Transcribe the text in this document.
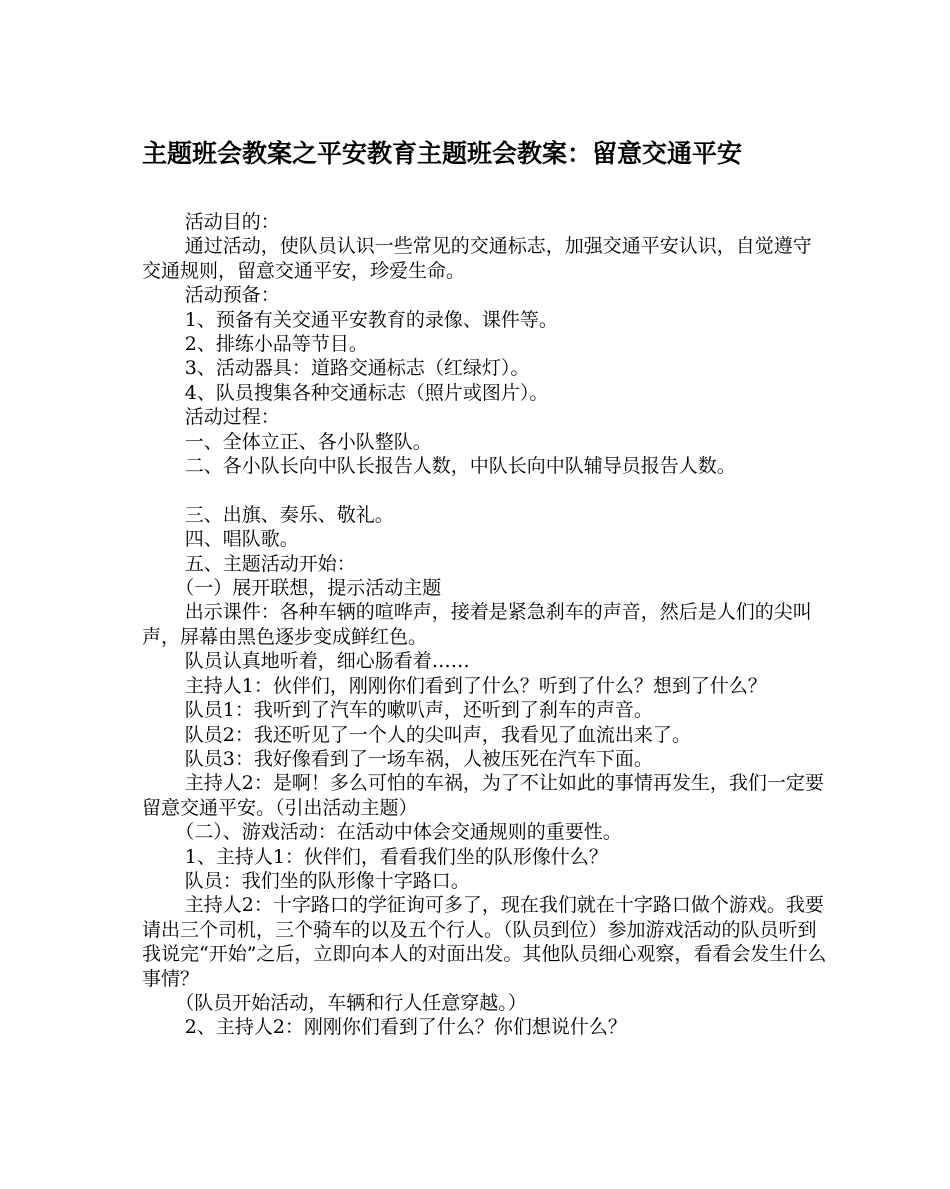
主题班会教案之平安教育主题班会教案：留意交通平安

活动目的：

通过活动，使队员认识一些常见的交通标志，加强交通平安认识，自觉遵守交通规则，留意交通平安，珍爱生命。

活动预备：

1、预备有关交通平安教育的录像、课件等。

2、排练小品等节目。

3、活动器具：道路交通标志（红绿灯）。

4、队员搜集各种交通标志（照片或图片）。

活动过程：

一、全体立正、各小队整队。

二、各小队长向中队长报告人数，中队长向中队辅导员报告人数。

三、出旗、奏乐、敬礼。

四、唱队歌。

五、主题活动开始：

（一）展开联想，提示活动主题

出示课件：各种车辆的喧哗声，接着是紧急刹车的声音，然后是人们的尖叫声，屏幕由黑色逐步变成鲜红色。

队员认真地听着，细心肠看着……

主持人1：伙伴们，刚刚你们看到了什么？听到了什么？想到了什么？

队员1：我听到了汽车的嗽叭声，还听到了刹车的声音。

队员2：我还听见了一个人的尖叫声，我看见了血流出来了。

队员3：我好像看到了一场车祸，人被压死在汽车下面。

主持人2：是啊！多么可怕的车祸，为了不让如此的事情再发生，我们一定要留意交通平安。（引出活动主题）

（二）、游戏活动：在活动中体会交通规则的重要性。

1、主持人1：伙伴们，看看我们坐的队形像什么？

队员：我们坐的队形像十字路口。

主持人2：十字路口的学征询可多了，现在我们就在十字路口做个游戏。我要请出三个司机，三个骑车的以及五个行人。（队员到位）参加游戏活动的队员听到我说完“开始”之后，立即向本人的对面出发。其他队员细心观察，看看会发生什么事情？

（队员开始活动，车辆和行人任意穿越。）

2、主持人2：刚刚你们看到了什么？你们想说什么？
